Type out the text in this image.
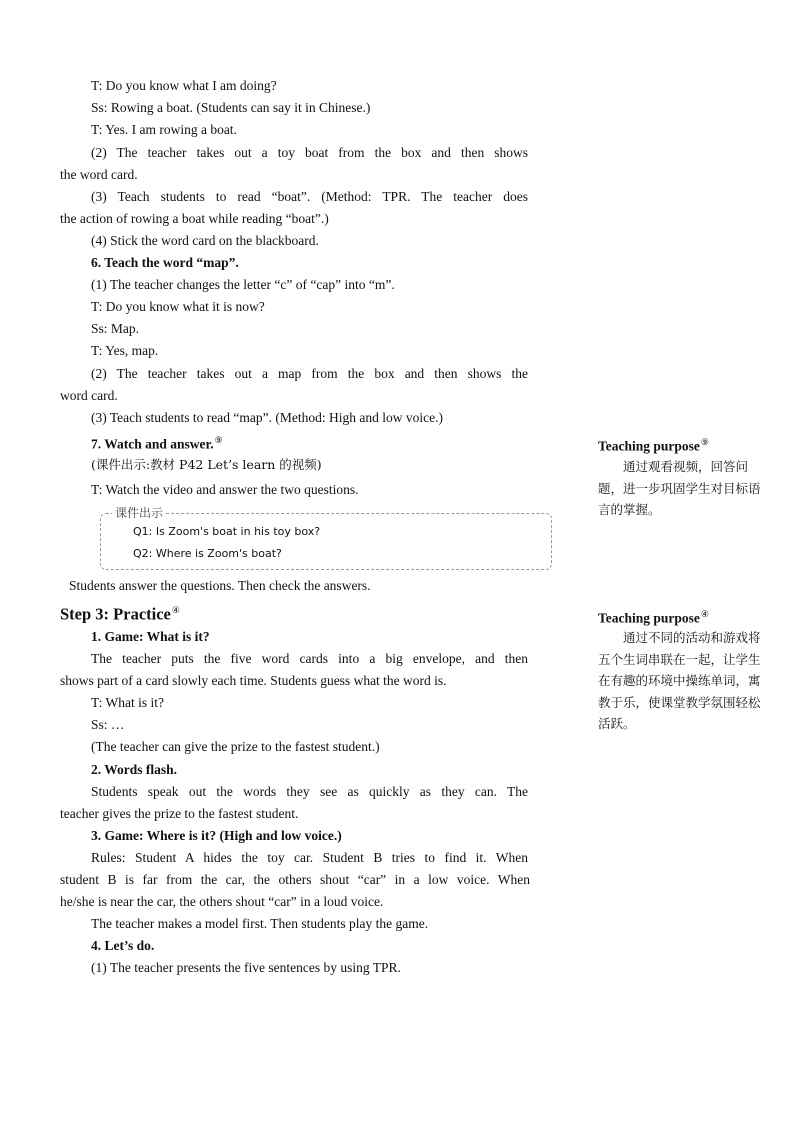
T: Do you know what I am doing?
Ss: Rowing a boat. (Students can say it in Chinese.)
T: Yes. I am rowing a boat.
(2) The teacher takes out a toy boat from the box and then shows
the word card.
(3) Teach students to read “boat”. (Method: TPR. The teacher does
the action of rowing a boat while reading “boat”.)
(4) Stick the word card on the blackboard.
6. Teach the word “map”.
(1) The teacher changes the letter “c” of “cap” into “m”.
T: Do you know what it is now?
Ss: Map.
T: Yes, map.
(2) The teacher takes out a map from the box and then shows the
word card.
(3) Teach students to read “map”. (Method: High and low voice.)
7. Watch and answer.⑨
(课件出示:教材 P42 Let’s learn 的视频)
T: Watch the video and answer the two questions.
Students answer the questions. Then check the answers.
Step 3: Practice④
1. Game: What is it?
The teacher puts the five word cards into a big envelope, and then
shows part of a card slowly each time. Students guess what the word is.
T: What is it?
Ss: …
(The teacher can give the prize to the fastest student.)
2. Words flash.
Students speak out the words they see as quickly as they can. The
teacher gives the prize to the fastest student.
3. Game: Where is it? (High and low voice.)
Rules: Student A hides the toy car. Student B tries to find it. When
student B is far from the car, the others shout “car” in a low voice. When
he/she is near the car, the others shout “car” in a loud voice.
The teacher makes a model first. Then students play the game.
4. Let’s do.
(1) The teacher presents the five sentences by using TPR.
课件出示
Q1: Is Zoom's boat in his toy box?
Q2: Where is Zoom's boat?
Teaching purpose⑨
通过观看视频，回答问题，进一步巩固学生对目标语言的掌握。
Teaching purpose④
通过不同的活动和游戏将五个生词串联在一起，让学生在有趣的环境中操练单词，寓教于乐，使课堂教学氛围轻松活跃。
